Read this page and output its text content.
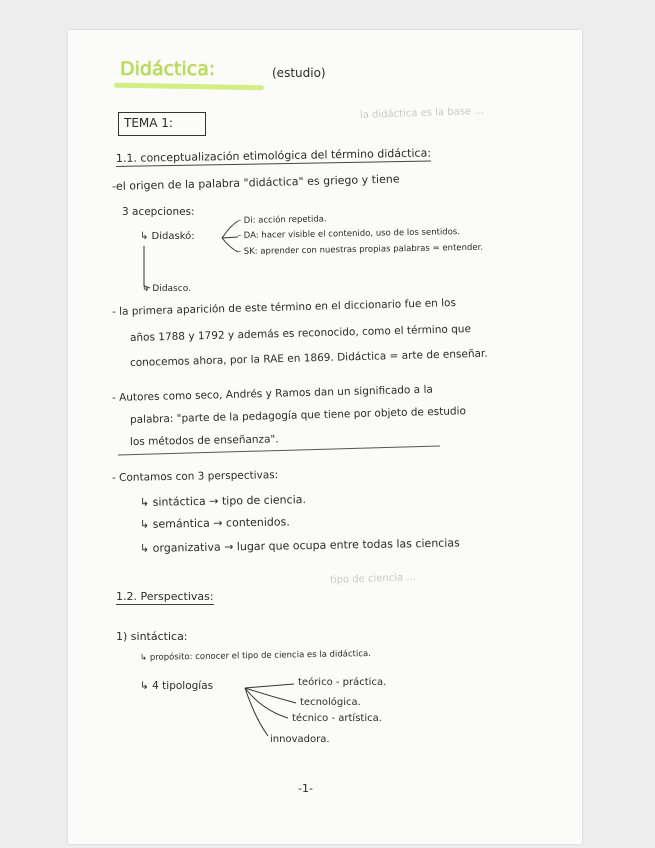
la didáctica es la base ...
tipo de ciencia ...
Didáctica:	(estudio)
TEMA 1:
1.1. conceptualización etimológica del término didáctica:
-el origen de la palabra "didáctica" es griego y tiene
3 acepciones:
↳ Didaskó:
- Di: acción repetida.
- DA: hacer visible el contenido, uso de los sentidos.
- SK: aprender con nuestras propias palabras = entender.
↳ Didasco.
- la primera aparición de este término en el diccionario fue en los
años 1788 y 1792 y además es reconocido, como el término que
conocemos ahora, por la RAE en 1869. Didáctica = arte de enseñar.
- Autores como seco, Andrés y Ramos dan un significado a la
palabra: "parte de la pedagogía que tiene por objeto de estudio
los métodos de enseñanza".
- Contamos con 3 perspectivas:
↳ sintáctica → tipo de ciencia.
↳ semántica → contenidos.
↳ organizativa → lugar que ocupa entre todas las ciencias
1.2. Perspectivas:
1) sintáctica:
↳ propósito: conocer el tipo de ciencia es la didáctica.
↳ 4 tipologías	teórico - práctica.
tecnológica.
técnico - artística.
innovadora.
-1-
